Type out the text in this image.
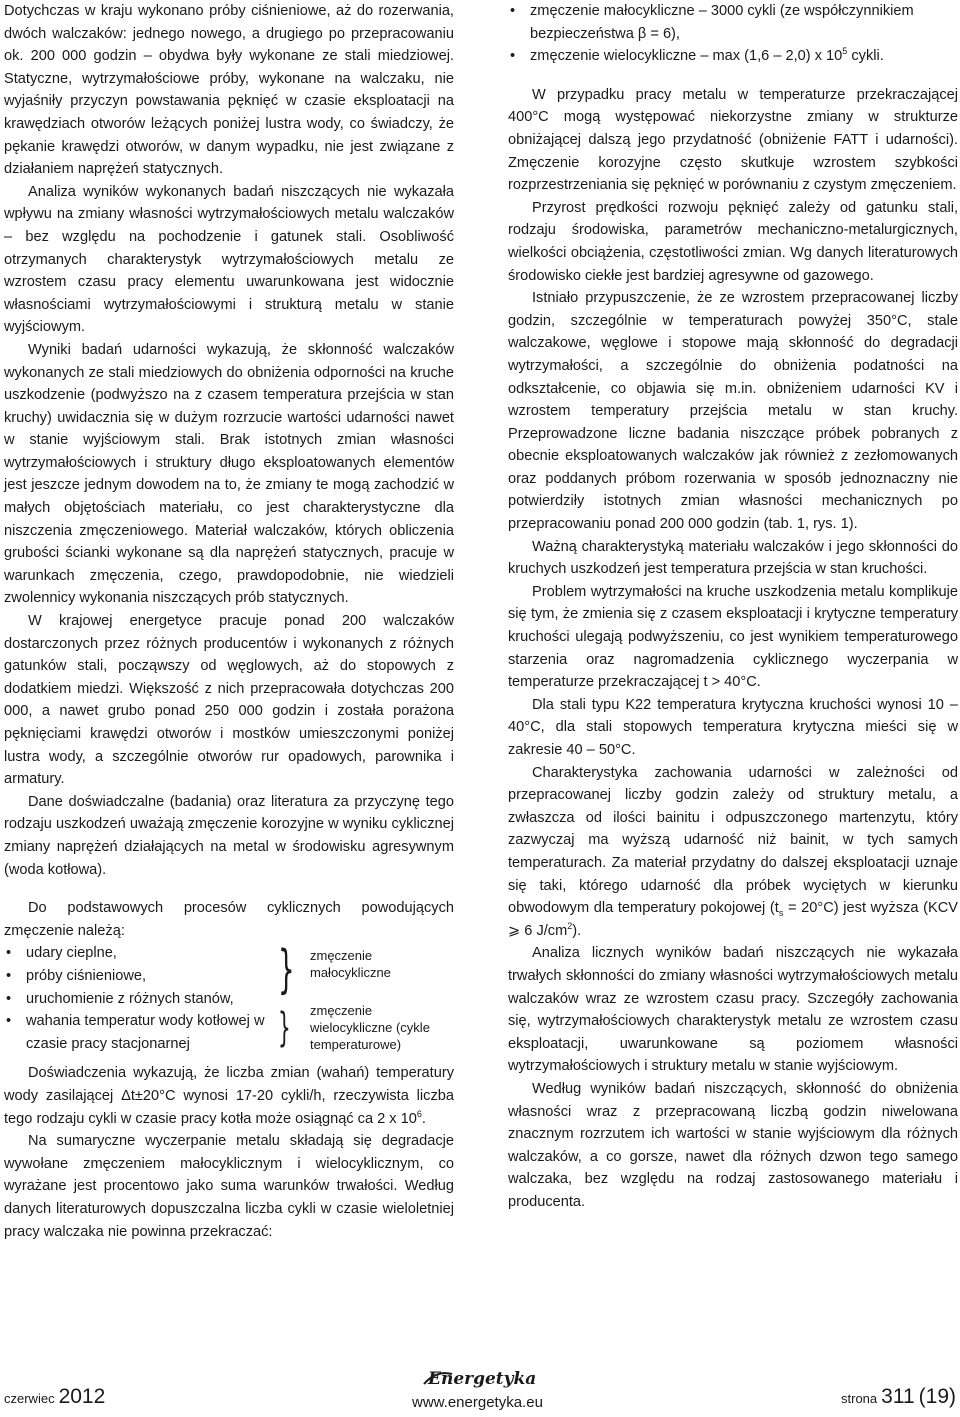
Dotychczas w kraju wykonano próby ciśnieniowe, aż do rozerwania, dwóch walczaków: jednego nowego, a drugiego po przepracowaniu ok. 200 000 godzin – obydwa były wykonane ze stali miedziowej. Statyczne, wytrzymałościowe próby, wykonane na walczaku, nie wyjaśniły przyczyn powstawania pęknięć w czasie eksploatacji na krawędziach otworów leżących poniżej lustra wody, co świadczy, że pękanie krawędzi otworów, w danym wypadku, nie jest związane z działaniem naprężeń statycznych.

Analiza wyników wykonanych badań niszczących nie wykazała wpływu na zmiany własności wytrzymałościowych metalu walczaków – bez względu na pochodzenie i gatunek stali. Osobliwość otrzymanych charakterystyk wytrzymałościowych metalu ze wzrostem czasu pracy elementu uwarunkowana jest widocznie własnościami wytrzymałościowymi i strukturą metalu w stanie wyjściowym.

Wyniki badań udarności wykazują, że skłonność walczaków wykonanych ze stali miedziowych do obniżenia odporności na kruche uszkodzenie (podwyższo na z czasem temperatura przejścia w stan kruchy) uwidacznia się w dużym rozrzucie wartości udarności nawet w stanie wyjściowym stali. Brak istotnych zmian własności wytrzymałościowych i struktury długo eksploatowanych elementów jest jeszcze jednym dowodem na to, że zmiany te mogą zachodzić w małych objętościach materiału, co jest charakterystyczne dla niszczenia zmęczeniowego. Materiał walczaków, których obliczenia grubości ścianki wykonane są dla naprężeń statycznych, pracuje w warunkach zmęczenia, czego, prawdopodobnie, nie wiedzieli zwolennicy wykonania niszczących prób statycznych.

W krajowej energetyce pracuje ponad 200 walczaków dostarczonych przez różnych producentów i wykonanych z różnych gatunków stali, począwszy od węglowych, aż do stopowych z dodatkiem miedzi. Większość z nich przepracowała dotychczas 200 000, a nawet grubo ponad 250 000 godzin i została porażona pęknięciami krawędzi otworów i mostków umieszczonymi poniżej lustra wody, a szczególnie otworów rur opadowych, parownika i armatury.

Dane doświadczalne (badania) oraz literatura za przyczynę tego rodzaju uszkodzeń uważają zmęczenie korozyjne w wyniku cyklicznej zmiany naprężeń działających na metal w środowisku agresywnym (woda kotłowa).

Do podstawowych procesów cyklicznych powodujących zmęczenie należą:

• udary cieplne,
• próby ciśnieniowe,
• uruchomienie z różnych stanów,
• wahania temperatur wody kotłowej w czasie pracy stacjonarnej
}
}
zmęczenie małocykliczne
zmęczenie wielocykliczne (cykle temperaturowe)

Doświadczenia wykazują, że liczba zmian (wahań) temperatury wody zasilającej Δt±20°C wynosi 17-20 cykli/h, rzeczywista liczba tego rodzaju cykli w czasie pracy kotła może osiągnąć ca 2 x $10^6$.

Na sumaryczne wyczerpanie metalu składają się degradacje wywołane zmęczeniem małocyklicznym i wielocyklicznym, co wyrażane jest procentowo jako suma warunków trwałości. Według danych literaturowych dopuszczalna liczba cykli w czasie wieloletniej pracy walczaka nie powinna przekraczać:

• zmęczenie małocykliczne – 3000 cykli (ze współczynnikiem bezpieczeństwa β = 6),
• zmęczenie wielocykliczne – max (1,6 – 2,0) x $10^5$ cykli.

W przypadku pracy metalu w temperaturze przekraczającej 400°C mogą występować niekorzystne zmiany w strukturze obniżającej dalszą jego przydatność (obniżenie FATT i udarności). Zmęczenie korozyjne często skutkuje wzrostem szybkości rozprzestrzeniania się pęknięć w porównaniu z czystym zmęczeniem.

Przyrost prędkości rozwoju pęknięć zależy od gatunku stali, rodzaju środowiska, parametrów mechaniczno-metalurgicznych, wielkości obciążenia, częstotliwości zmian. Wg danych literaturowych środowisko ciekłe jest bardziej agresywne od gazowego.

Istniało przypuszczenie, że ze wzrostem przepracowanej liczby godzin, szczególnie w temperaturach powyżej 350°C, stale walczakowe, węglowe i stopowe mają skłonność do degradacji wytrzymałości, a szczególnie do obniżenia podatności na odkształcenie, co objawia się m.in. obniżeniem udarności KV i wzrostem temperatury przejścia metalu w stan kruchy. Przeprowadzone liczne badania niszczące próbek pobranych z obecnie eksploatowanych walczaków jak również z zezłomowanych oraz poddanych próbom rozerwania w sposób jednoznaczny nie potwierdziły istotnych zmian własności mechanicznych po przepracowaniu ponad 200 000 godzin (tab. 1, rys. 1).

Ważną charakterystyką materiału walczaków i jego skłonności do kruchych uszkodzeń jest temperatura przejścia w stan kruchości.

Problem wytrzymałości na kruche uszkodzenia metalu komplikuje się tym, że zmienia się z czasem eksploatacji i krytyczne temperatury kruchości ulegają podwyższeniu, co jest wynikiem temperaturowego starzenia oraz nagromadzenia cyklicznego wyczerpania w temperaturze przekraczającej t > 40°C.

Dla stali typu K22 temperatura krytyczna kruchości wynosi 10 – 40°C, dla stali stopowych temperatura krytyczna mieści się w zakresie 40 – 50°C.

Charakterystyka zachowania udarności w zależności od przepracowanej liczby godzin zależy od struktury metalu, a zwłaszcza od ilości bainitu i odpuszczonego martenzytu, który zazwyczaj ma wyższą udarność niż bainit, w tych samych temperaturach. Za materiał przydatny do dalszej eksploatacji uznaje się taki, którego udarność dla próbek wyciętych w kierunku obwodowym dla temperatury pokojowej $(t_s = 20^\circ C)$ jest wyższa (KCV ⩾ 6 $J/cm^2$).

Analiza licznych wyników badań niszczących nie wykazała trwałych skłonności do zmiany własności wytrzymałościowych metalu walczaków wraz ze wzrostem czasu pracy. Szczegóły zachowania się, wytrzymałościowych charakterystyk metalu ze wzrostem czasu eksploatacji, uwarunkowane są poziomem własności wytrzymałościowych i struktury metalu w stanie wyjściowym.

Według wyników badań niszczących, skłonność do obniżenia własności wraz z przepracowaną liczbą godzin niwelowana znacznym rozrzutem ich wartości w stanie wyjściowym dla różnych walczaków, a co gorsze, nawet dla różnych dzwon tego samego walczaka, bez względu na rodzaj zastosowanego materiału i producenta.

czerwiec 2012
Energetyka
www.energetyka.eu	strona 311 (19)
